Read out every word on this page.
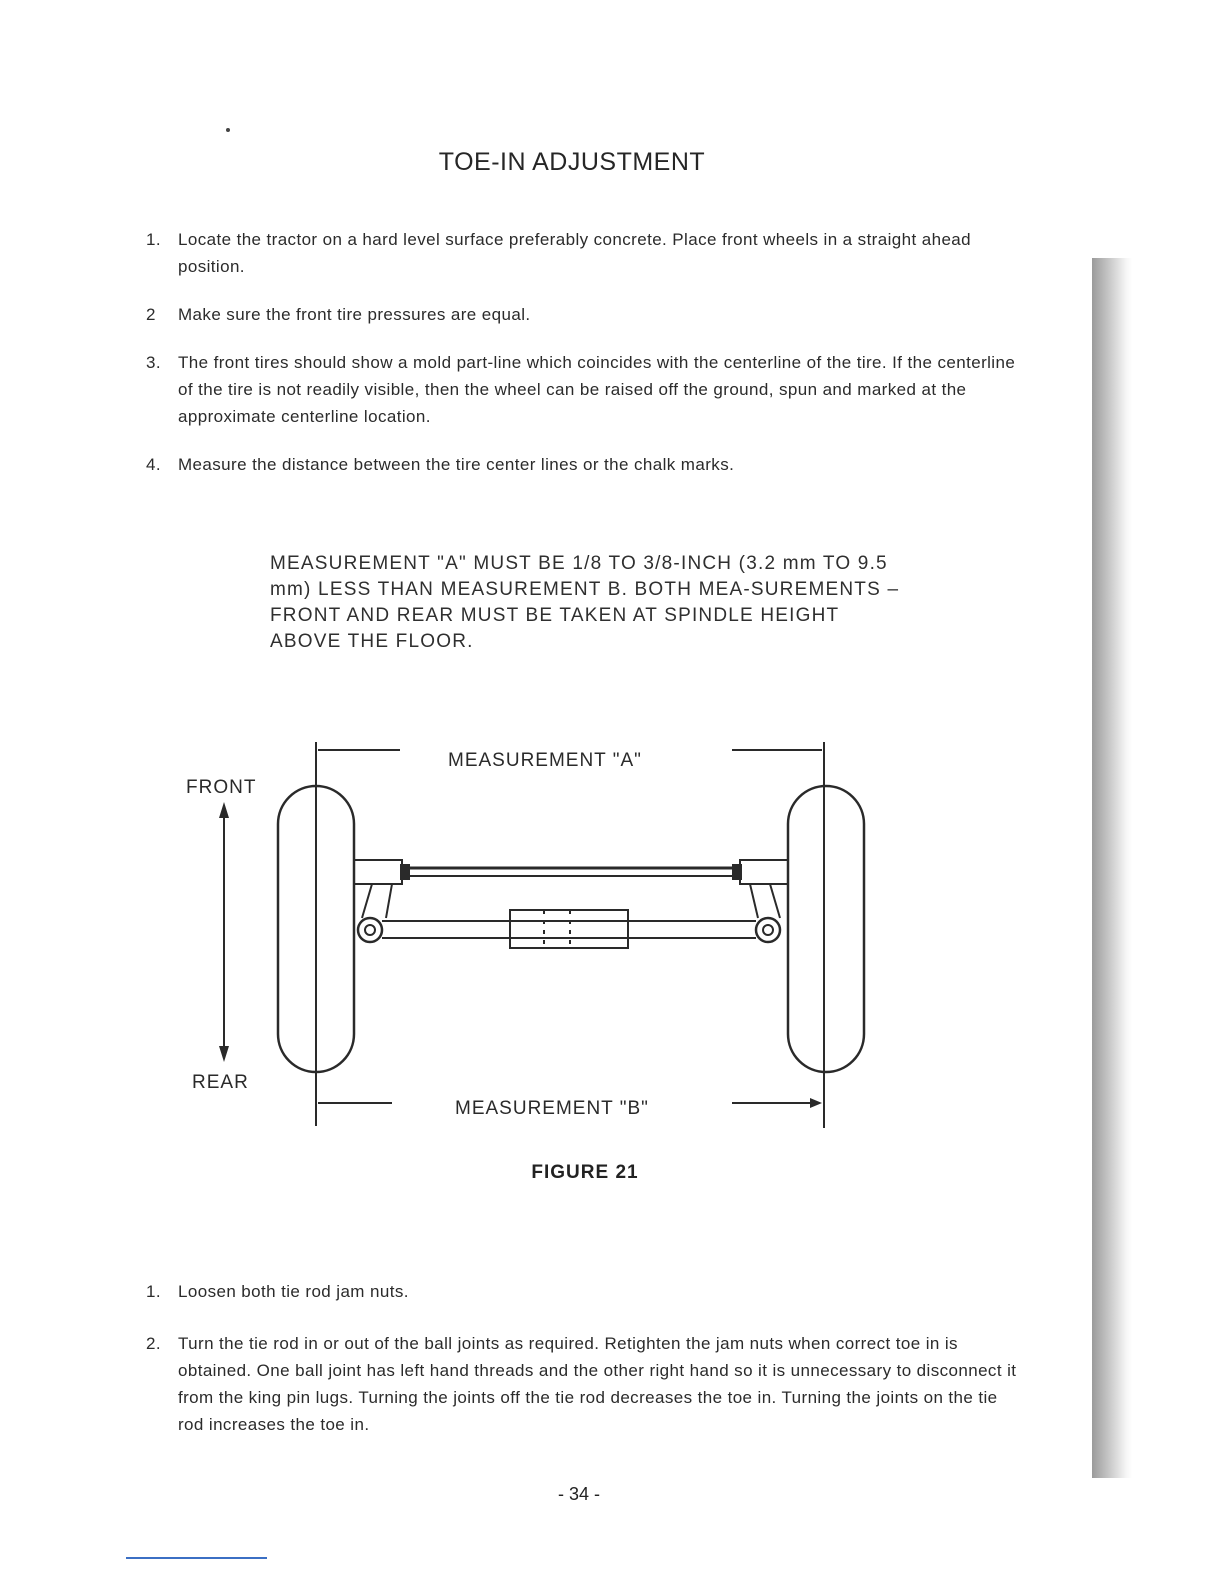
TOE-IN ADJUSTMENT
1. Locate the tractor on a hard level surface preferably concrete. Place front wheels in a straight ahead position.
2 Make sure the front tire pressures are equal.
3. The front tires should show a mold part-line which coincides with the centerline of the tire. If the centerline of the tire is not readily visible, then the wheel can be raised off the ground, spun and marked at the approximate centerline location.
4. Measure the distance between the tire center lines or the chalk marks.
MEASUREMENT "A" MUST BE 1/8 TO 3/8-INCH (3.2 mm TO 9.5 mm) LESS THAN MEASUREMENT B. BOTH MEA-SUREMENTS – FRONT AND REAR MUST BE TAKEN AT SPINDLE HEIGHT ABOVE THE FLOOR.
FRONT
REAR
MEASUREMENT "A"
MEASUREMENT "B"
FIGURE 21
1. Loosen both tie rod jam nuts.
2. Turn the tie rod in or out of the ball joints as required. Retighten the jam nuts when correct toe in is obtained. One ball joint has left hand threads and the other right hand so it is unnecessary to disconnect it from the king pin lugs. Turning the joints off the tie rod decreases the toe in. Turning the joints on the tie rod increases the toe in.
- 34 -
